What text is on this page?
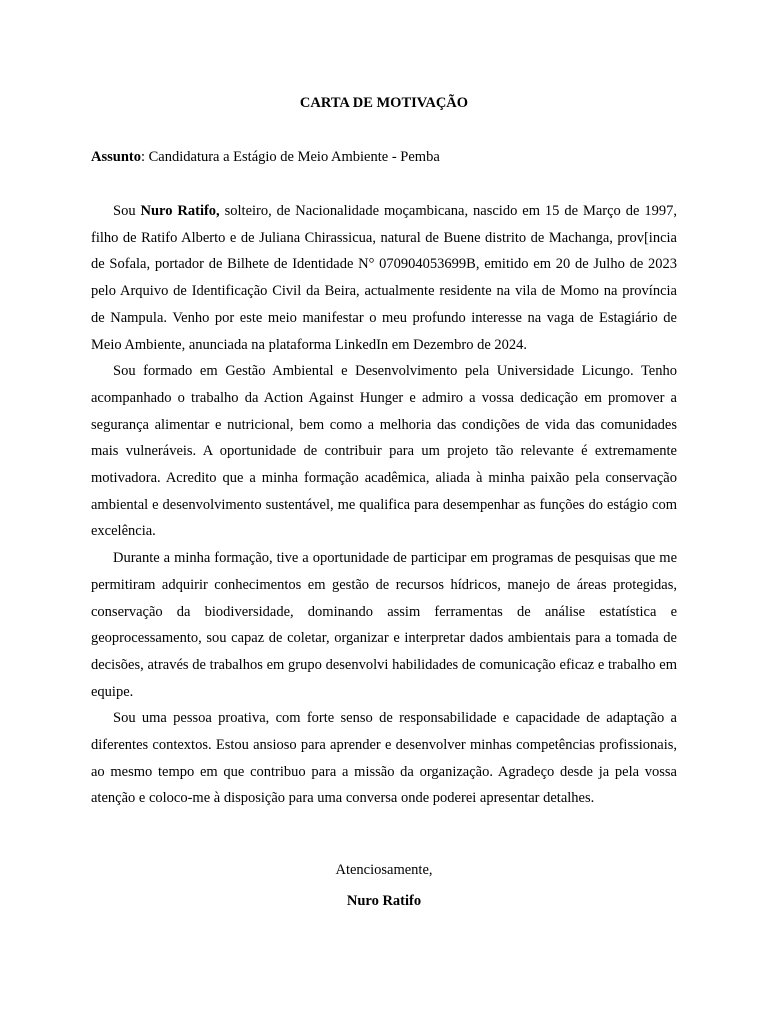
CARTA DE MOTIVAÇÃO
Assunto: Candidatura a Estágio de Meio Ambiente - Pemba

Sou Nuro Ratifo, solteiro, de Nacionalidade moçambicana, nascido em 15 de Março de 1997, filho de Ratifo Alberto e de Juliana Chirassicua, natural de Buene distrito de Machanga, prov[incia de Sofala, portador de Bilhete de Identidade N° 070904053699B, emitido em 20 de Julho de 2023 pelo Arquivo de Identificação Civil da Beira, actualmente residente na vila de Momo na província de Nampula. Venho por este meio manifestar o meu profundo interesse na vaga de Estagiário de Meio Ambiente, anunciada na plataforma LinkedIn em Dezembro de 2024.

Sou formado em Gestão Ambiental e Desenvolvimento pela Universidade Licungo. Tenho acompanhado o trabalho da Action Against Hunger e admiro a vossa dedicação em promover a segurança alimentar e nutricional, bem como a melhoria das condições de vida das comunidades mais vulneráveis. A oportunidade de contribuir para um projeto tão relevante é extremamente motivadora. Acredito que a minha formação acadêmica, aliada à minha paixão pela conservação ambiental e desenvolvimento sustentável, me qualifica para desempenhar as funções do estágio com excelência.

Durante a minha formação, tive a oportunidade de participar em programas de pesquisas que me permitiram adquirir conhecimentos em gestão de recursos hídricos, manejo de áreas protegidas, conservação da biodiversidade, dominando assim ferramentas de análise estatística e geoprocessamento, sou capaz de coletar, organizar e interpretar dados ambientais para a tomada de decisões, através de trabalhos em grupo desenvolvi habilidades de comunicação eficaz e trabalho em equipe.

Sou uma pessoa proativa, com forte senso de responsabilidade e capacidade de adaptação a diferentes contextos. Estou ansioso para aprender e desenvolver minhas competências profissionais, ao mesmo tempo em que contribuo para a missão da organização. Agradeço desde ja pela vossa atenção e coloco-me à disposição para uma conversa onde poderei apresentar detalhes.

Atenciosamente,
Nuro Ratifo
